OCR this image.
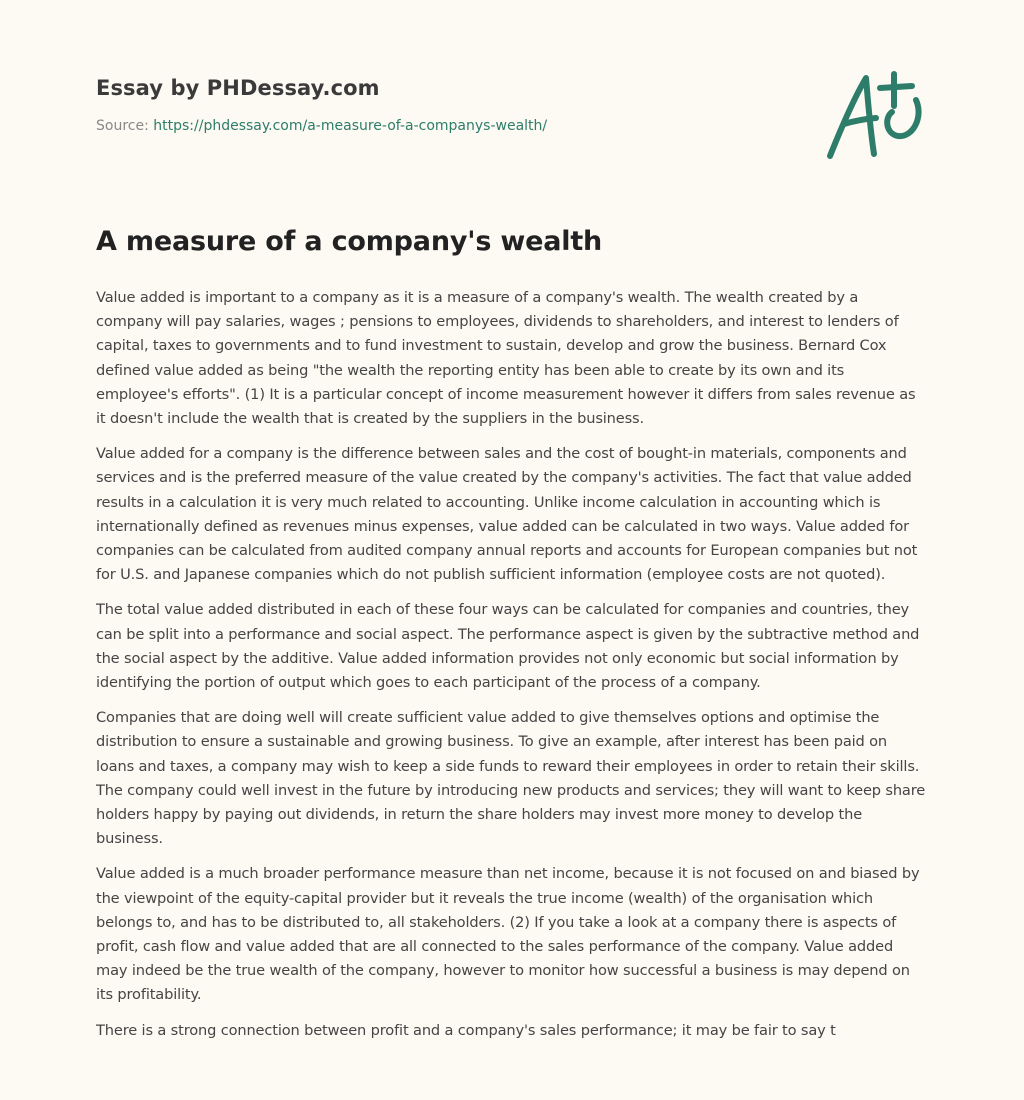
Essay by PHDessay.com
Source: https://phdessay.com/a-measure-of-a-companys-wealth/
A measure of a company's wealth

Value added is important to a company as it is a measure of a company's wealth. The wealth created by a company will pay salaries, wages ; pensions to employees, dividends to shareholders, and interest to lenders of capital, taxes to governments and to fund investment to sustain, develop and grow the business. Bernard Cox defined value added as being "the wealth the reporting entity has been able to create by its own and its employee's efforts". (1) It is a particular concept of income measurement however it differs from sales revenue as it doesn't include the wealth that is created by the suppliers in the business.

Value added for a company is the difference between sales and the cost of bought-in materials, components and services and is the preferred measure of the value created by the company's activities. The fact that value added results in a calculation it is very much related to accounting. Unlike income calculation in accounting which is internationally defined as revenues minus expenses, value added can be calculated in two ways. Value added for companies can be calculated from audited company annual reports and accounts for European companies but not for U.S. and Japanese companies which do not publish sufficient information (employee costs are not quoted).

The total value added distributed in each of these four ways can be calculated for companies and countries, they can be split into a performance and social aspect. The performance aspect is given by the subtractive method and the social aspect by the additive. Value added information provides not only economic but social information by identifying the portion of output which goes to each participant of the process of a company.

Companies that are doing well will create sufficient value added to give themselves options and optimise the distribution to ensure a sustainable and growing business. To give an example, after interest has been paid on loans and taxes, a company may wish to keep a side funds to reward their employees in order to retain their skills. The company could well invest in the future by introducing new products and services; they will want to keep share holders happy by paying out dividends, in return the share holders may invest more money to develop the business.

Value added is a much broader performance measure than net income, because it is not focused on and biased by the viewpoint of the equity-capital provider but it reveals the true income (wealth) of the organisation which belongs to, and has to be distributed to, all stakeholders. (2) If you take a look at a company there is aspects of profit, cash flow and value added that are all connected to the sales performance of the company. Value added may indeed be the true wealth of the company, however to monitor how successful a business is may depend on its profitability.

There is a strong connection between profit and a company's sales performance; it may be fair to say t
